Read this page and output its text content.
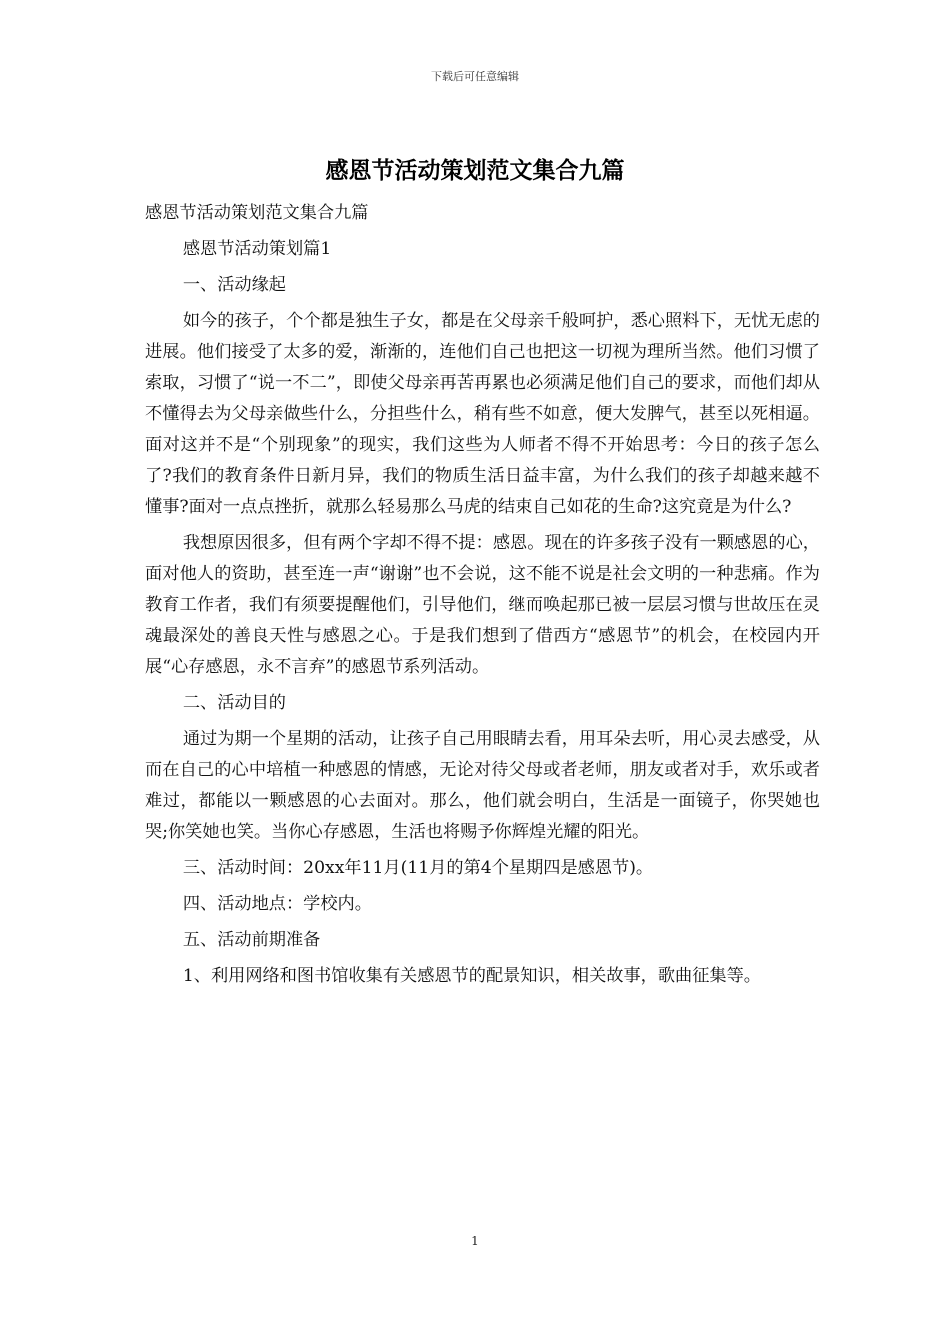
下载后可任意编辑
感恩节活动策划范文集合九篇

感恩节活动策划范文集合九篇

感恩节活动策划篇1

一、活动缘起

如今的孩子，个个都是独生子女，都是在父母亲千般呵护，悉心照料下，无忧无虑的进展。他们接受了太多的爱，渐渐的，连他们自己也把这一切视为理所当然。他们习惯了索取，习惯了“说一不二”，即使父母亲再苦再累也必须满足他们自己的要求，而他们却从不懂得去为父母亲做些什么，分担些什么，稍有些不如意，便大发脾气，甚至以死相逼。面对这并不是“个别现象”的现实，我们这些为人师者不得不开始思考：今日的孩子怎么了?我们的教育条件日新月异，我们的物质生活日益丰富，为什么我们的孩子却越来越不懂事?面对一点点挫折，就那么轻易那么马虎的结束自己如花的生命?这究竟是为什么?

我想原因很多，但有两个字却不得不提：感恩。现在的许多孩子没有一颗感恩的心，面对他人的资助，甚至连一声“谢谢”也不会说，这不能不说是社会文明的一种悲痛。作为教育工作者，我们有须要提醒他们，引导他们，继而唤起那已被一层层习惯与世故压在灵魂最深处的善良天性与感恩之心。于是我们想到了借西方“感恩节”的机会，在校园内开展“心存感恩，永不言弃”的感恩节系列活动。

二、活动目的

通过为期一个星期的活动，让孩子自己用眼睛去看，用耳朵去听，用心灵去感受，从而在自己的心中培植一种感恩的情感，无论对待父母或者老师，朋友或者对手，欢乐或者难过，都能以一颗感恩的心去面对。那么，他们就会明白，生活是一面镜子，你哭她也哭;你笑她也笑。当你心存感恩，生活也将赐予你辉煌光耀的阳光。

三、活动时间：20xx年11月(11月的第4个星期四是感恩节)。

四、活动地点：学校内。

五、活动前期准备

1、利用网络和图书馆收集有关感恩节的配景知识，相关故事，歌曲征集等。

1
